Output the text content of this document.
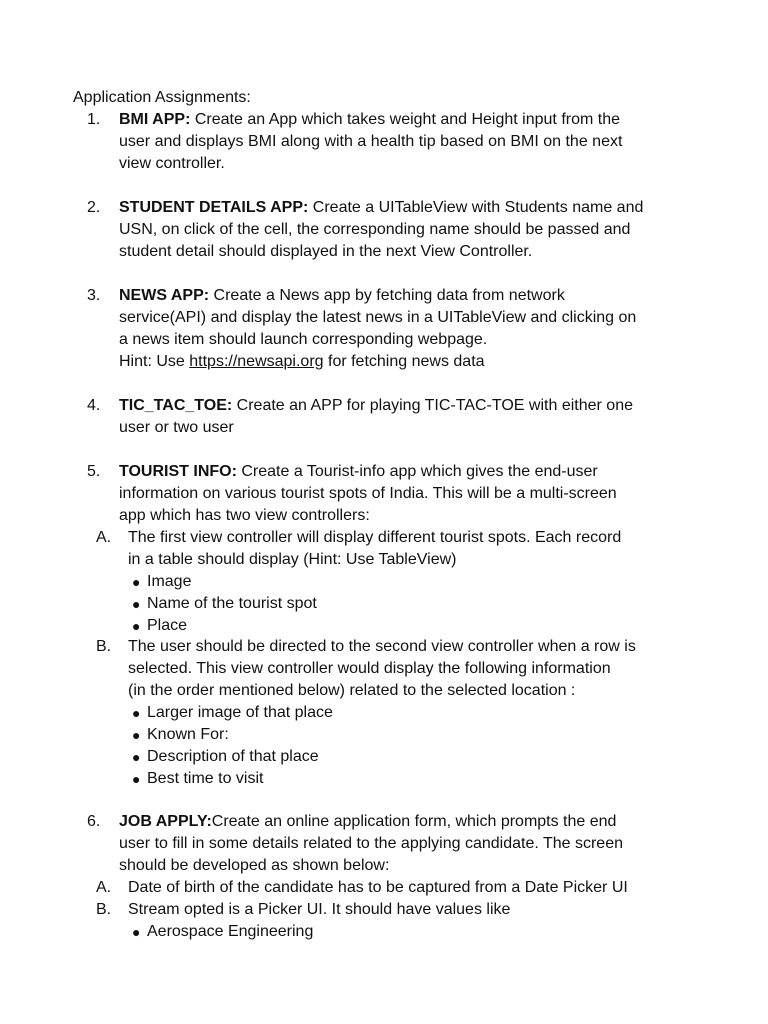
Application Assignments:
1. BMI APP: Create an App which takes weight and Height input from the
user and displays BMI along with a health tip based on BMI on the next
view controller.
2. STUDENT DETAILS APP: Create a UITableView with Students name and
USN, on click of the cell, the corresponding name should be passed and
student detail should displayed in the next View Controller.
3. NEWS APP: Create a News app by fetching data from network
service(API) and display the latest news in a UITableView and clicking on
a news item should launch corresponding webpage.
Hint: Use https://newsapi.org for fetching news data
4. TIC_TAC_TOE: Create an APP for playing TIC-TAC-TOE with either one
user or two user
5. TOURIST INFO: Create a Tourist-info app which gives the end-user
information on various tourist spots of India. This will be a multi-screen
app which has two view controllers:
A. The first view controller will display different tourist spots. Each record
in a table should display (Hint: Use TableView)
● Image
● Name of the tourist spot
● Place
B. The user should be directed to the second view controller when a row is
selected. This view controller would display the following information
(in the order mentioned below) related to the selected location :
● Larger image of that place
● Known For:
● Description of that place
● Best time to visit
6. JOB APPLY:Create an online application form, which prompts the end
user to fill in some details related to the applying candidate. The screen
should be developed as shown below:
A. Date of birth of the candidate has to be captured from a Date Picker UI
B. Stream opted is a Picker UI. It should have values like
● Aerospace Engineering
